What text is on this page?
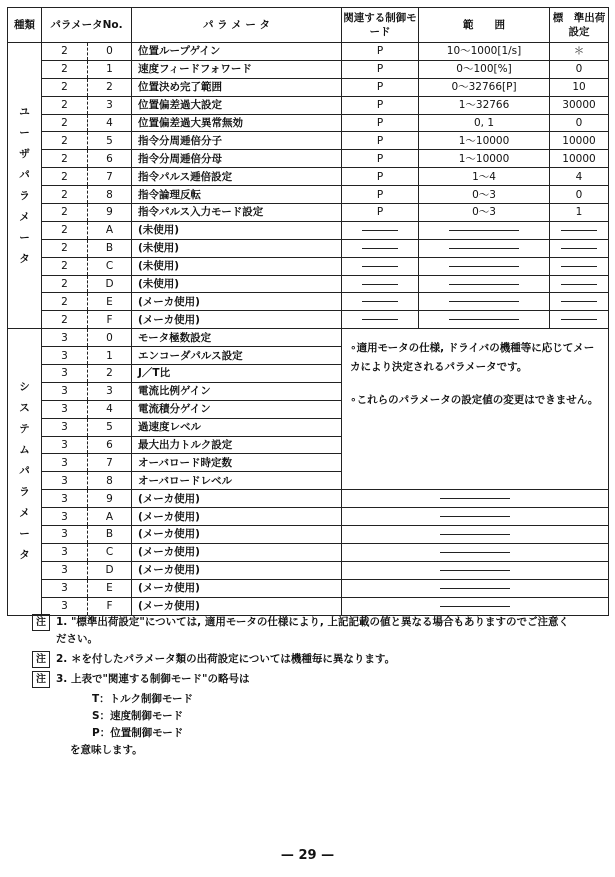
種類	パラメータNo.		パ ラ メ ー タ	関連する制御モード	範　　囲	標　準出荷設定

ユーザパラメータ	2	0	位置ループゲイン	P	10〜1000[1/s]	＊
	2	1	速度フィードフォワード	P	0〜100[%]	0
	2	2	位置決め完了範囲	P	0〜32766[P]	10
	2	3	位置偏差過大設定	P	1〜32766	30000
	2	4	位置偏差過大異常無効	P	0, 1	0
	2	5	指令分周逓倍分子	P	1〜10000	10000
	2	6	指令分周逓倍分母	P	1〜10000	10000
	2	7	指令パルス逓倍設定	P	1〜4	4
	2	8	指令論理反転	P	0〜3	0
	2	9	指令パルス入力モード設定	P	0〜3	1
	2	A	(未使用)			
	2	B	(未使用)			
	2	C	(未使用)			
	2	D	(未使用)			
	2	E	(メーカ使用)			
	2	F	(メーカ使用)			

システムパラメータ	3	0	モータ極数設定	∘適用モータの仕様, ドライバの機種等に応じてメーカにより決定されるパラメータです。

∘これらのパラメータの設定値の変更はできません。		

	3	1	エンコーダパルス設定			
	3	2	J／T比			
	3	3	電流比例ゲイン			
	3	4	電流積分ゲイン			
	3	5	過速度レベル			
	3	6	最大出力トルク設定			
	3	7	オーバロード時定数			
	3	8	オーバロードレベル			
	3	9	(メーカ使用)			
	3	A	(メーカ使用)			
	3	B	(メーカ使用)			
	3	C	(メーカ使用)			
	3	D	(メーカ使用)			
	3	E	(メーカ使用)			
	3	F	(メーカ使用)			
注 1. "標準出荷設定"については, 適用モータの仕様により, 上記記載の値と異なる場合もありますのでご注意ください。
注 2. ＊を付したパラメータ類の出荷設定については機種毎に異なります。
注 3. 上表で"関連する制御モード"の略号は
T：トルク制御モード
S：速度制御モード
P：位置制御モード
を意味します。
— 29 —
